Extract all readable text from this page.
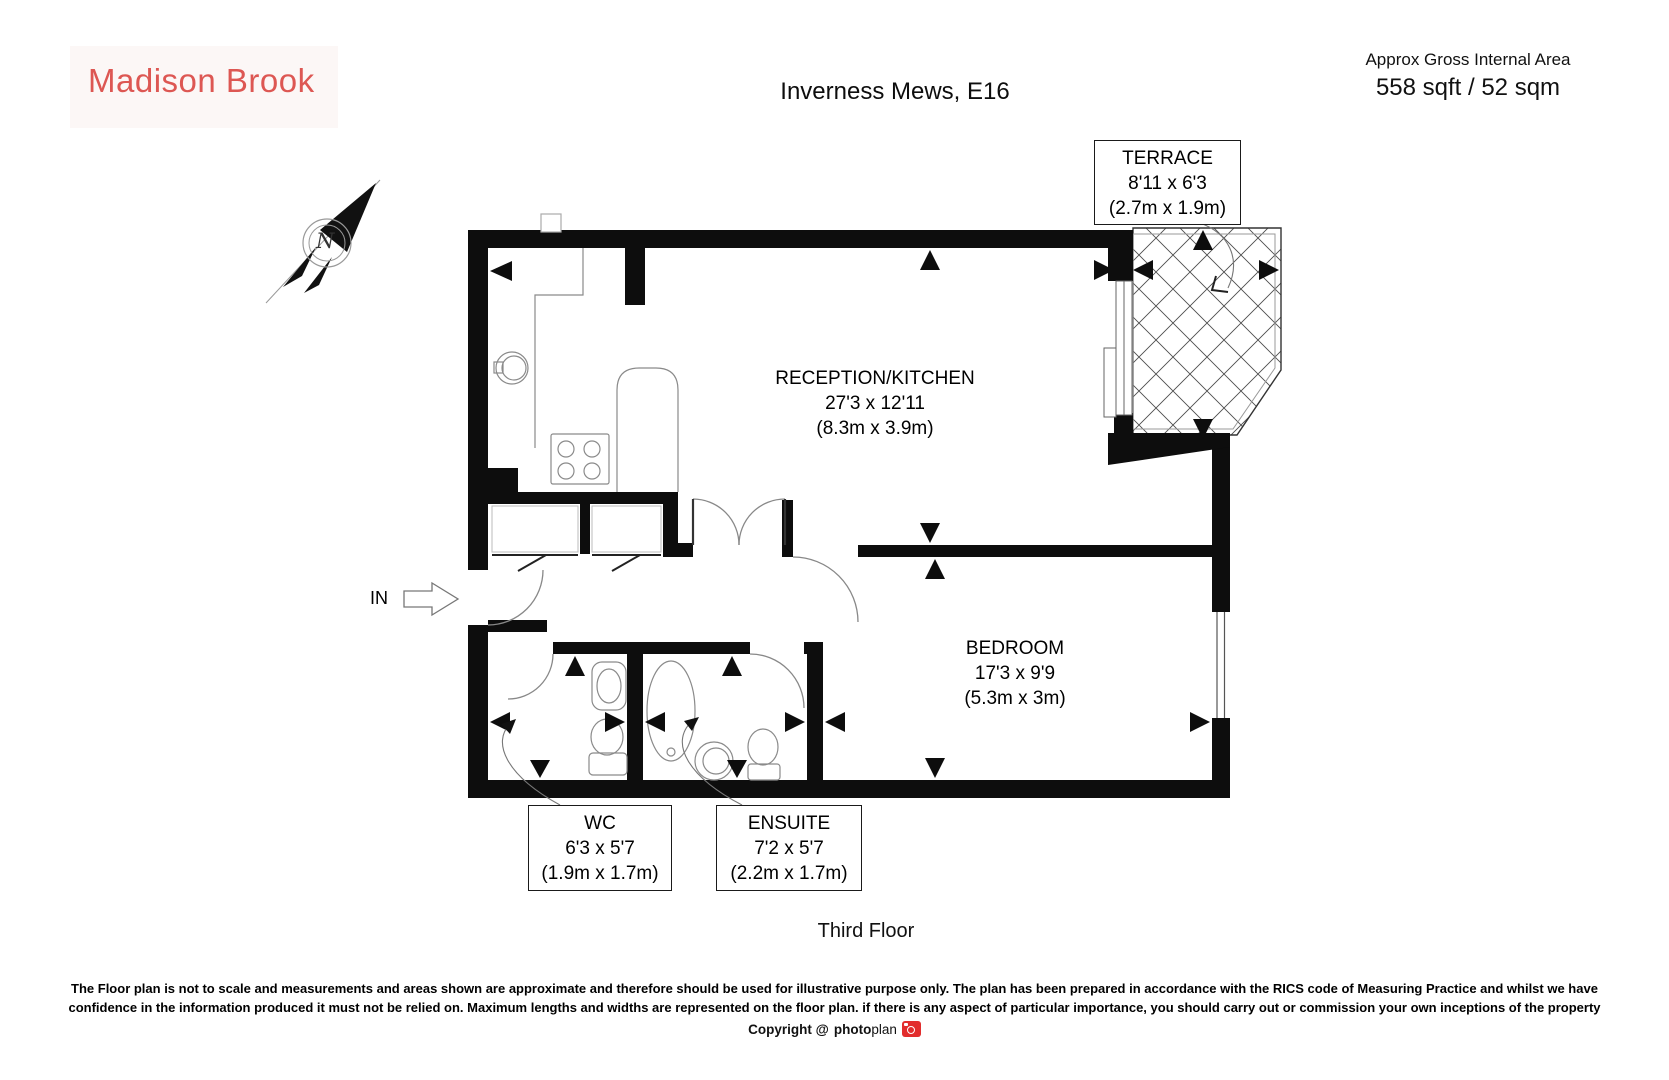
Madison Brook	Inverness Mews, E16
Approx Gross Internal Area
558 sqft / 52 sqm
N
IN
TERRACE
8'11 x 6'3
(2.7m x 1.9m)
RECEPTION/KITCHEN
27'3 x 12'11
(8.3m x 3.9m)
BEDROOM
17'3 x 9'9
(5.3m x 3m)
WC
6'3 x 5'7
(1.9m x 1.7m)
ENSUITE
7'2 x 5'7
(2.2m x 1.7m)
Third Floor
The Floor plan is not to scale and measurements and areas shown are approximate and therefore should be used for illustrative purpose only. The plan has been prepared in accordance with the RICS code of Measuring Practice and whilst we have
confidence in the information produced it must not be relied on. Maximum lengths and widths are represented on the floor plan. if there is any aspect of particular importance, you should carry out or commission your own inceptions of the property
Copyright @ photo plan
